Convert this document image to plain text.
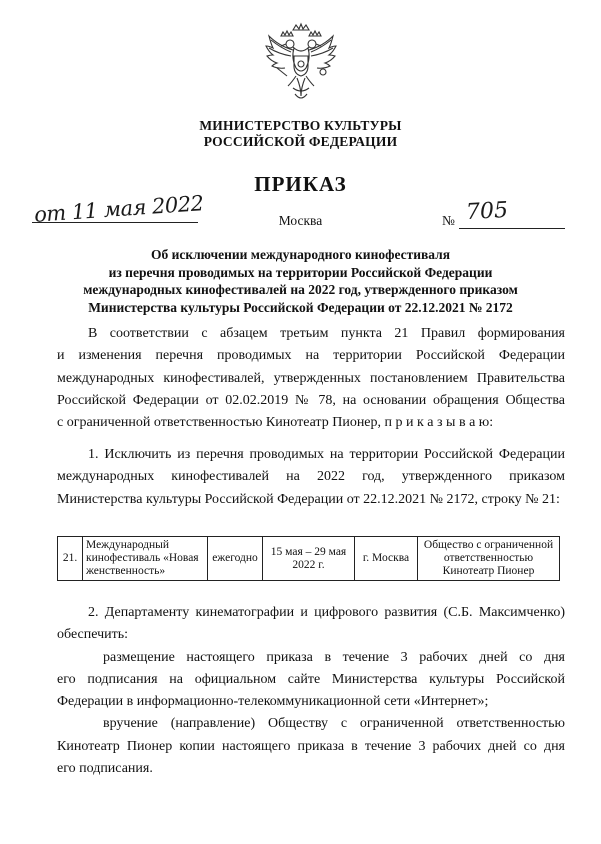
МИНИСТЕРСТВО КУЛЬТУРЫ
РОССИЙСКОЙ ФЕДЕРАЦИИ
ПРИКАЗ
от 11 мая 2022	Москва	№ 705
Об исключении международного кинофестиваля
из перечня проводимых на территории Российской Федерации
международных кинофестивалей на 2022 год, утвержденного приказом
Министерства культуры Российской Федерации от 22.12.2021 № 2172
В соответствии с абзацем третьим пункта 21 Правил формирования
и изменения перечня проводимых на территории Российской Федерации
международных кинофестивалей, утвержденных постановлением Правительства
Российской Федерации от 02.02.2019 № 78, на основании обращения Общества
с ограниченной ответственностью Кинотеатр Пионер, п р и к а з ы в а ю:
1. Исключить из перечня проводимых на территории Российской Федерации
международных кинофестивалей на 2022 год, утвержденного приказом
Министерства культуры Российской Федерации от 22.12.2021 № 2172, строку № 21:
21.	Международный кинофестиваль «Новая женственность»	ежегодно	15 мая – 29 мая 2022 г.	г. Москва	Общество с ограниченной ответственностью Кинотеатр Пионер
2. Департаменту кинематографии и цифрового развития (С.Б. Максимченко)
обеспечить:
размещение настоящего приказа в течение 3 рабочих дней со дня
его подписания на официальном сайте Министерства культуры Российской
Федерации в информационно-телекоммуникационной сети «Интернет»;
вручение (направление) Обществу с ограниченной ответственностью
Кинотеатр Пионер копии настоящего приказа в течение 3 рабочих дней со дня
его подписания.
